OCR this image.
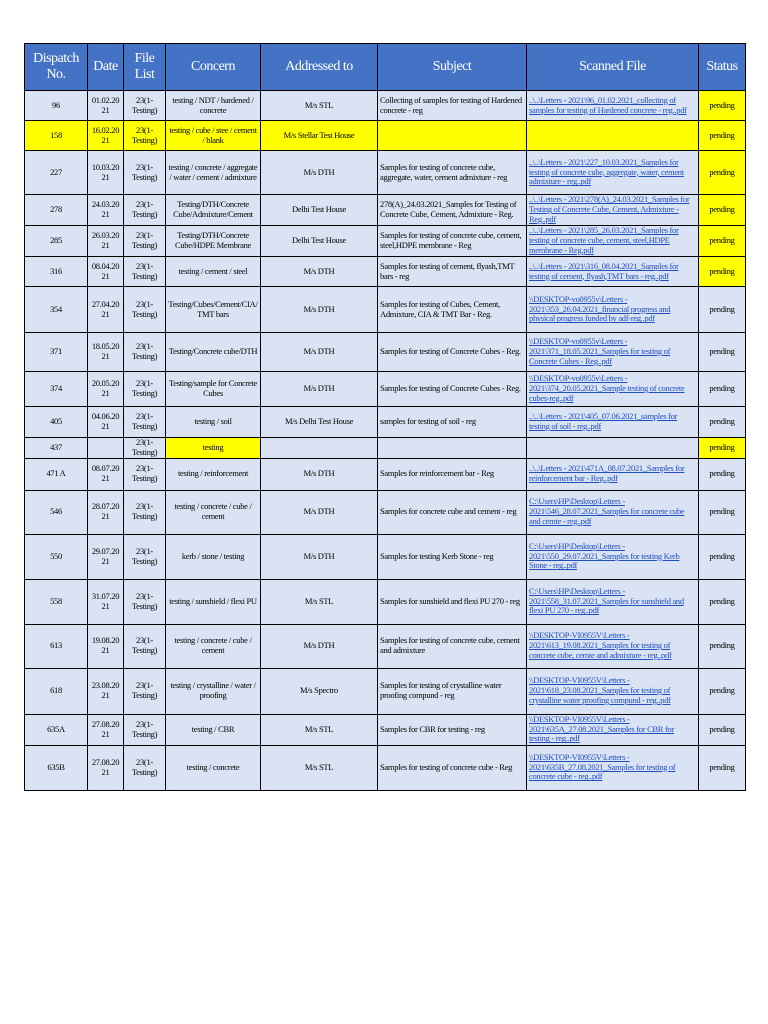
Dispatch No.	Date	File List	Concern	Addressed to	Subject	Scanned File	Status
96	01.02.2021	23(1-Testing)	testing / NDT / hardened / concrete	M/s STL	Collecting of samples for testing of Hardened concrete - reg	..\..\Letters - 2021\96_01.02.2021_collecting of samples for testing of Hardened concrete - reg..pdf	pending
158	16.02.2021	23(1-Testing)	testing / cube / stee / cement / blank	M/s Stellar Test House			pending
227	10.03.2021	23(1-Testing)	testing / concrete / aggregate / water / cement / admixture	M/s DTH	Samples for testing of concrete cube, aggregate, water, cement admixture - reg	..\..\Letters - 2021\227_10.03.2021_Samples for testing of concrete cube, aggregate, water, cement admixture - reg..pdf	pending
278	24.03.2021	23(1-Testing)	Testing/DTH/Concrete Cube/Admixture/Cement	Delhi Test House	278(A)_24.03.2021_Samples for Testing of Concrete Cube, Cement, Admixture - Reg.	..\..\Letters - 2021\278(A)_24.03.2021_Samples for Testing of Concrete Cube, Cement, Admixture - Reg..pdf	pending
285	26.03.2021	23(1-Testing)	Testing/DTH/Concrete Cube/HDPE Membrane	Delhi Test House	Samples for testing of concrete cube, cement, steel,HDPE membrane - Reg	..\..\Letters - 2021\285_26.03.2021_Samples for testing of concrete cube, cement, steel,HDPE membrane - Reg.pdf	pending
316	08.04.2021	23(1-Testing)	testing / cement / steel	M/s DTH	Samples for testing of cement, flyash,TMT bars - reg	..\..\Letters - 2021\316_08.04.2021_Samples for testing of cement, flyash,TMT bars - reg..pdf	pending
354	27.04.2021	23(1-Testing)	Testing/Cubes/Cement/CIA/TMT bars	M/s DTH	Samples for testing of Cubes, Cement, Admixture, CIA & TMT Bar - Reg.	\\DESKTOP-vo0955v\Letters - 2021\353_26.04.2021_financial progress and physical progress funded by adf-reg..pdf	pending
371	18.05.2021	23(1-Testing)	Testing/Concrete cube/DTH	M/s DTH	Samples for testing of Concrete Cubes - Reg.	\\DESKTOP-vo0955v\Letters - 2021\371_18.05.2021_Samples for testing of Concrete Cubes - Reg..pdf	pending
374	20.05.2021	23(1-Testing)	Testing/sample for Concrete Cubes	M/s DTH	Samples for testing of Concrete Cubes - Reg.	\\DESKTOP-vo0955v\Letters - 2021\374_20.05.2021_Sample testing of concrete cubes-reg..pdf	pending
405	04.06.2021	23(1-Testing)	testing / soil	M/s Delhi Test House	samples for testing of soil - reg	..\..\Letters - 2021\405_07.06.2021_samples for testing of soil - reg..pdf	pending
437		23(1-Testing)	testing				pending
471 A	08.07.2021	23(1-Testing)	testing / reinforcement	M/s DTH	Samples for reinforcement bar - Reg	..\..\Letters - 2021\471A_08.07.2021_Samples for reinforcement bar - Reg..pdf	pending
546	28.07.2021	23(1-Testing)	testing / concrete / cube / cement	M/s DTH	Samples for concrete cube and cement - reg	C:\Users\HP\Desktop\Letters - 2021\546_28.07.2021_Samples for concrete cube and cemte - reg..pdf	pending
550	29.07.2021	23(1-Testing)	kerb / stone / testing	M/s DTH	Samples for testing Kerb Stone - reg	C:\Users\HP\Desktop\Letters - 2021\550_29.07.2021_Samples for testing Kerb Stone - reg..pdf	pending
558	31.07.2021	23(1-Testing)	testing / sunshield / flexi PU	M/s STL	Samples for sunshield and flexi PU 270 - reg	C:\Users\HP\Desktop\Letters - 2021\558_31.07.2021_Samples for sunshield and flexi PU 270 - reg..pdf	pending
613	19.08.2021	23(1-Testing)	testing / concrete / cube / cement	M/s DTH	Samples for testing of concrete cube, cement and admixture	\\DESKTOP-VI0955V\Letters - 2021\613_19.08.2021_Samples for testing of concrete cube, cemte and admixture - reg..pdf	pending
618	23.08.2021	23(1-Testing)	testing / crystalline / water / proofing	M/s Spectro	Samples for testing of crystalline water proofing compund - reg	\\DESKTOP-VI0955V\Letters - 2021\618_23.08.2021_Samples for testing of crystalline water proofing compund - reg..pdf	pending
635A	27.08.2021	23(1-Testing)	testing / CBR	M/s STL	Samples for CBR for testing - reg	\\DESKTOP-VI0955V\Letters - 2021\635A_27.08.2021_Samples for CBR for testing - reg..pdf	pending
635B	27.08.2021	23(1-Testing)	testing / concrete	M/s STL	Samples for testing of concrete cube - Reg	\\DESKTOP-VI0955V\Letters - 2021\635B_27.08.2021_Samples for testing of concrete cube - reg..pdf	pending
